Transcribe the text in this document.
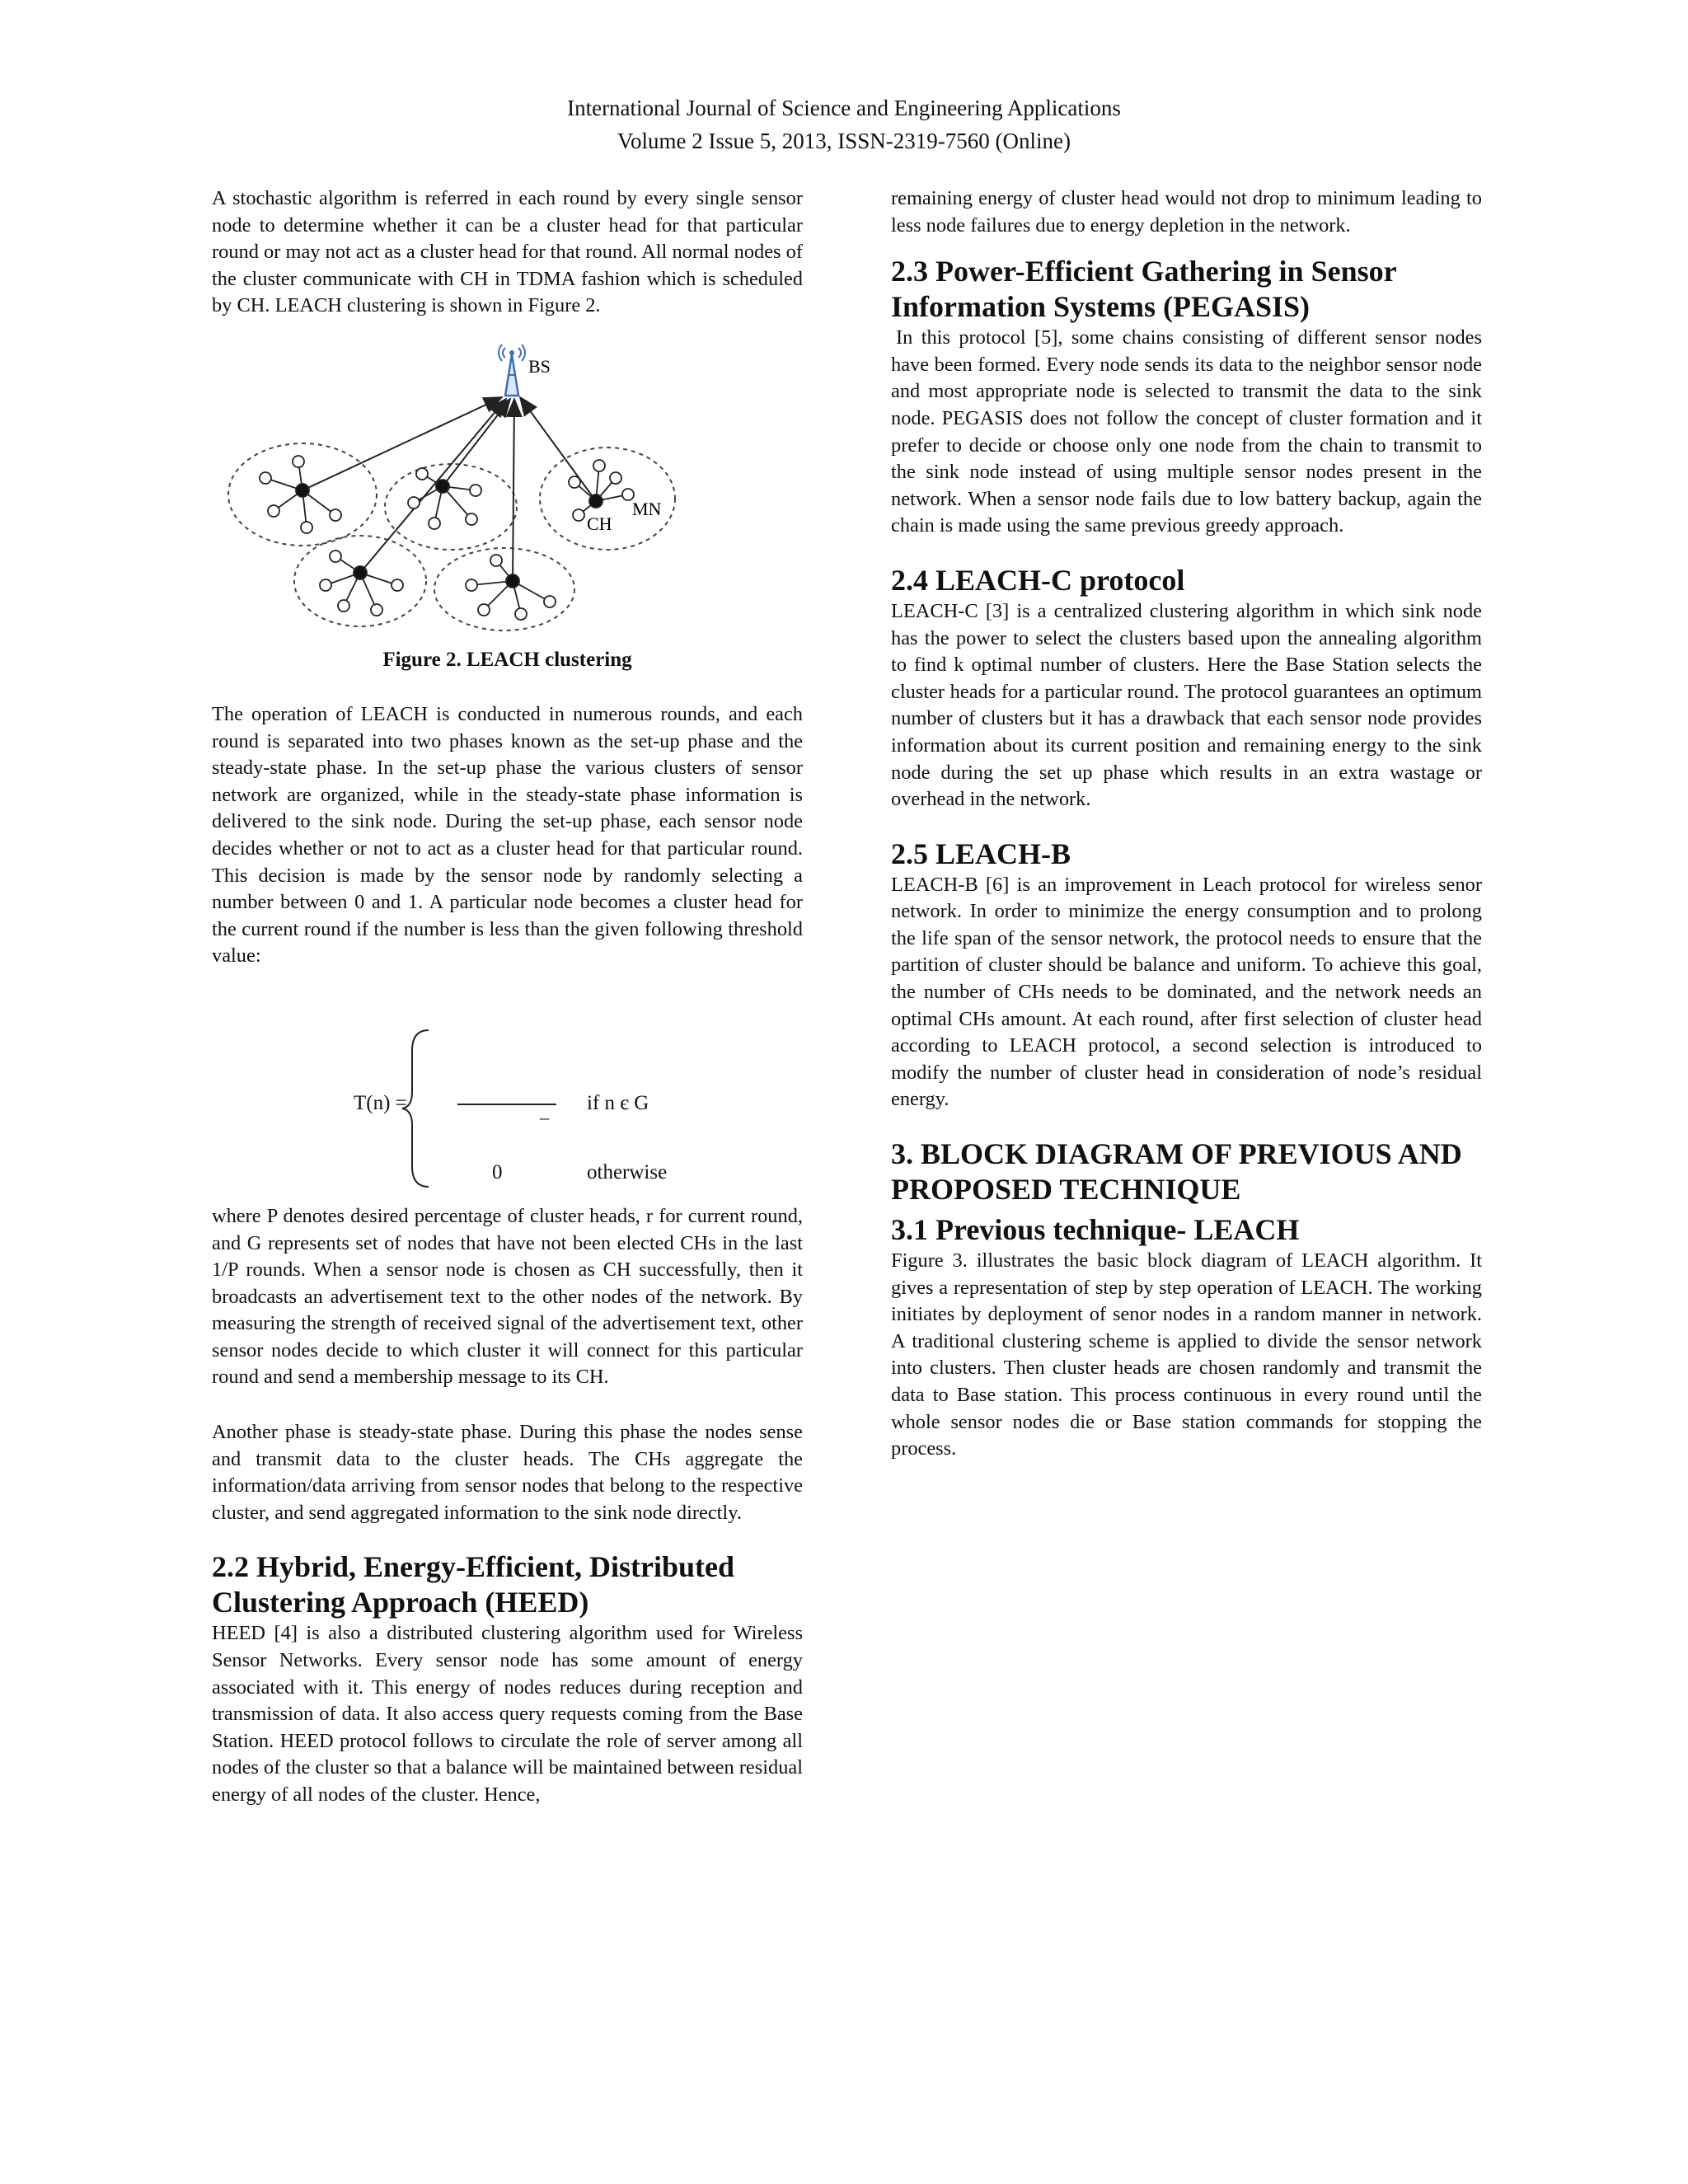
International Journal of Science and Engineering Applications
Volume 2 Issue 5, 2013, ISSN-2319-7560 (Online)

A stochastic algorithm is referred in each round by every single sensor node to determine whether it can be a cluster head for that particular round or may not act as a cluster head for that round. All normal nodes of the cluster communicate with CH in TDMA fashion which is scheduled by CH. LEACH clustering is shown in Figure 2.

BS
CH
MN
Figure 2. LEACH clustering

The operation of LEACH is conducted in numerous rounds, and each round is separated into two phases known as the set-up phase and the steady-state phase. In the set-up phase the various clusters of sensor network are organized, while in the steady-state phase information is delivered to the sink node. During the set-up phase, each sensor node decides whether or not to act as a cluster head for that particular round. This decision is made by the sensor node by randomly selecting a number between 0 and 1. A particular node becomes a cluster head for the current round if the number is less than the given following threshold value:

T(n) =
–
if n є G
0	otherwise

where P denotes desired percentage of cluster heads, r for current round, and G represents set of nodes that have not been elected CHs in the last 1/P rounds. When a sensor node is chosen as CH successfully, then it broadcasts an advertisement text to the other nodes of the network. By measuring the strength of received signal of the advertisement text, other sensor nodes decide to which cluster it will connect for this particular round and send a membership message to its CH.

Another phase is steady-state phase. During this phase the nodes sense and transmit data to the cluster heads. The CHs aggregate the information/data arriving from sensor nodes that belong to the respective cluster, and send aggregated information to the sink node directly.

2.2 Hybrid, Energy-Efficient, Distributed Clustering Approach (HEED)

HEED [4] is also a distributed clustering algorithm used for Wireless Sensor Networks. Every sensor node has some amount of energy associated with it. This energy of nodes reduces during reception and transmission of data. It also access query requests coming from the Base Station. HEED protocol follows to circulate the role of server among all nodes of the cluster so that a balance will be maintained between residual energy of all nodes of the cluster. Hence,

remaining energy of cluster head would not drop to minimum leading to less node failures due to energy depletion in the network.

2.3 Power-Efficient Gathering in Sensor Information Systems (PEGASIS)

In this protocol [5], some chains consisting of different sensor nodes have been formed. Every node sends its data to the neighbor sensor node and most appropriate node is selected to transmit the data to the sink node. PEGASIS does not follow the concept of cluster formation and it prefer to decide or choose only one node from the chain to transmit to the sink node instead of using multiple sensor nodes present in the network. When a sensor node fails due to low battery backup, again the chain is made using the same previous greedy approach.

2.4 LEACH-C protocol

LEACH-C [3] is a centralized clustering algorithm in which sink node has the power to select the clusters based upon the annealing algorithm to find k optimal number of clusters. Here the Base Station selects the cluster heads for a particular round. The protocol guarantees an optimum number of clusters but it has a drawback that each sensor node provides information about its current position and remaining energy to the sink node during the set up phase which results in an extra wastage or overhead in the network.

2.5 LEACH-B

LEACH-B [6] is an improvement in Leach protocol for wireless senor network. In order to minimize the energy consumption and to prolong the life span of the sensor network, the protocol needs to ensure that the partition of cluster should be balance and uniform. To achieve this goal, the number of CHs needs to be dominated, and the network needs an optimal CHs amount. At each round, after first selection of cluster head according to LEACH protocol, a second selection is introduced to modify the number of cluster head in consideration of node’s residual energy.

3. BLOCK DIAGRAM OF PREVIOUS AND PROPOSED TECHNIQUE
3.1 Previous technique- LEACH

Figure 3. illustrates the basic block diagram of LEACH algorithm. It gives a representation of step by step operation of LEACH. The working initiates by deployment of senor nodes in a random manner in network. A traditional clustering scheme is applied to divide the sensor network into clusters. Then cluster heads are chosen randomly and transmit the data to Base station. This process continuous in every round until the whole sensor nodes die or Base station commands for stopping the process.
